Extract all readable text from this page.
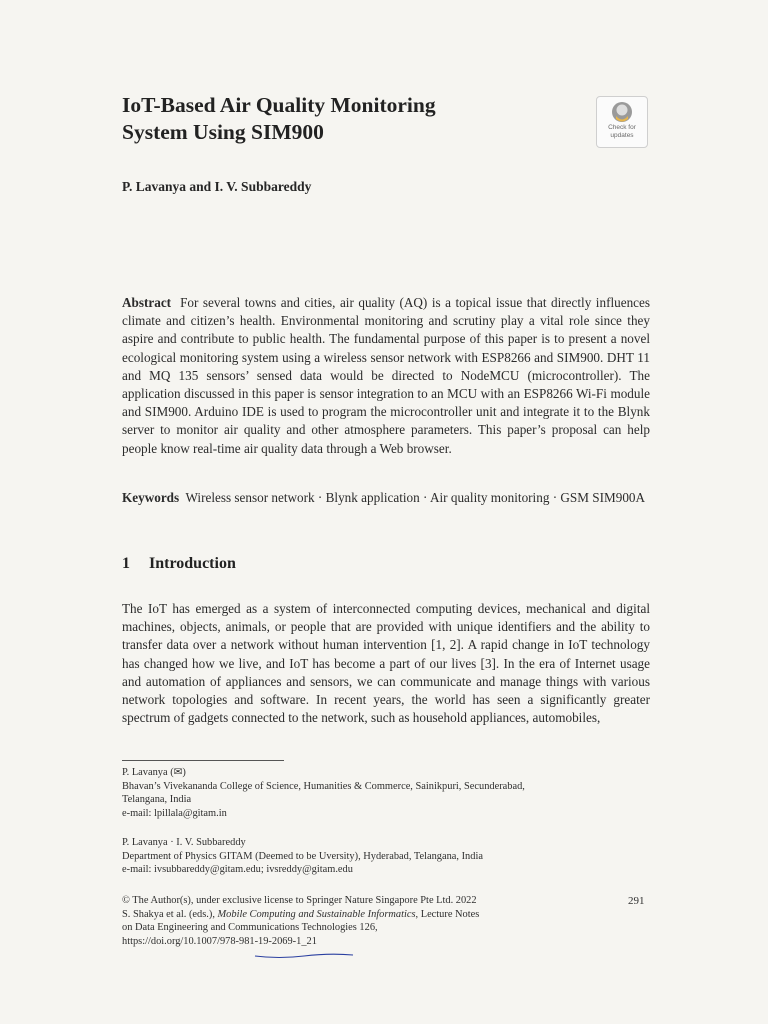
IoT-Based Air Quality Monitoring
System Using SIM900	Check for
updates
P. Lavanya and I. V. Subbareddy
Abstract For several towns and cities, air quality (AQ) is a topical issue that directly influences climate and citizen’s health. Environmental monitoring and scrutiny play a vital role since they aspire and contribute to public health. The fundamental purpose of this paper is to present a novel ecological monitoring system using a wireless sensor network with ESP8266 and SIM900. DHT 11 and MQ 135 sensors’ sensed data would be directed to NodeMCU (microcontroller). The application discussed in this paper is sensor integration to an MCU with an ESP8266 Wi-Fi module and SIM900. Arduino IDE is used to program the microcontroller unit and integrate it to the Blynk server to monitor air quality and other atmosphere parameters. This paper’s proposal can help people know real-time air quality data through a Web browser.
Keywords Wireless sensor network · Blynk application · Air quality monitoring · GSM SIM900A
1 Introduction
The IoT has emerged as a system of interconnected computing devices, mechanical and digital machines, objects, animals, or people that are provided with unique identifiers and the ability to transfer data over a network without human intervention [1, 2]. A rapid change in IoT technology has changed how we live, and IoT has become a part of our lives [3]. In the era of Internet usage and automation of appliances and sensors, we can communicate and manage things with various network topologies and software. In recent years, the world has seen a significantly greater spectrum of gadgets connected to the network, such as household appliances, automobiles,
P. Lavanya (✉)
Bhavan’s Vivekananda College of Science, Humanities & Commerce, Sainikpuri, Secunderabad,
Telangana, India
e-mail: lpillala@gitam.in
P. Lavanya · I. V. Subbareddy
Department of Physics GITAM (Deemed to be Uversity), Hyderabad, Telangana, India
e-mail: ivsubbareddy@gitam.edu; ivsreddy@gitam.edu
© The Author(s), under exclusive license to Springer Nature Singapore Pte Ltd. 2022
S. Shakya et al. (eds.), Mobile Computing and Sustainable Informatics, Lecture Notes
on Data Engineering and Communications Technologies 126,
https://doi.org/10.1007/978-981-19-2069-1_21
291
